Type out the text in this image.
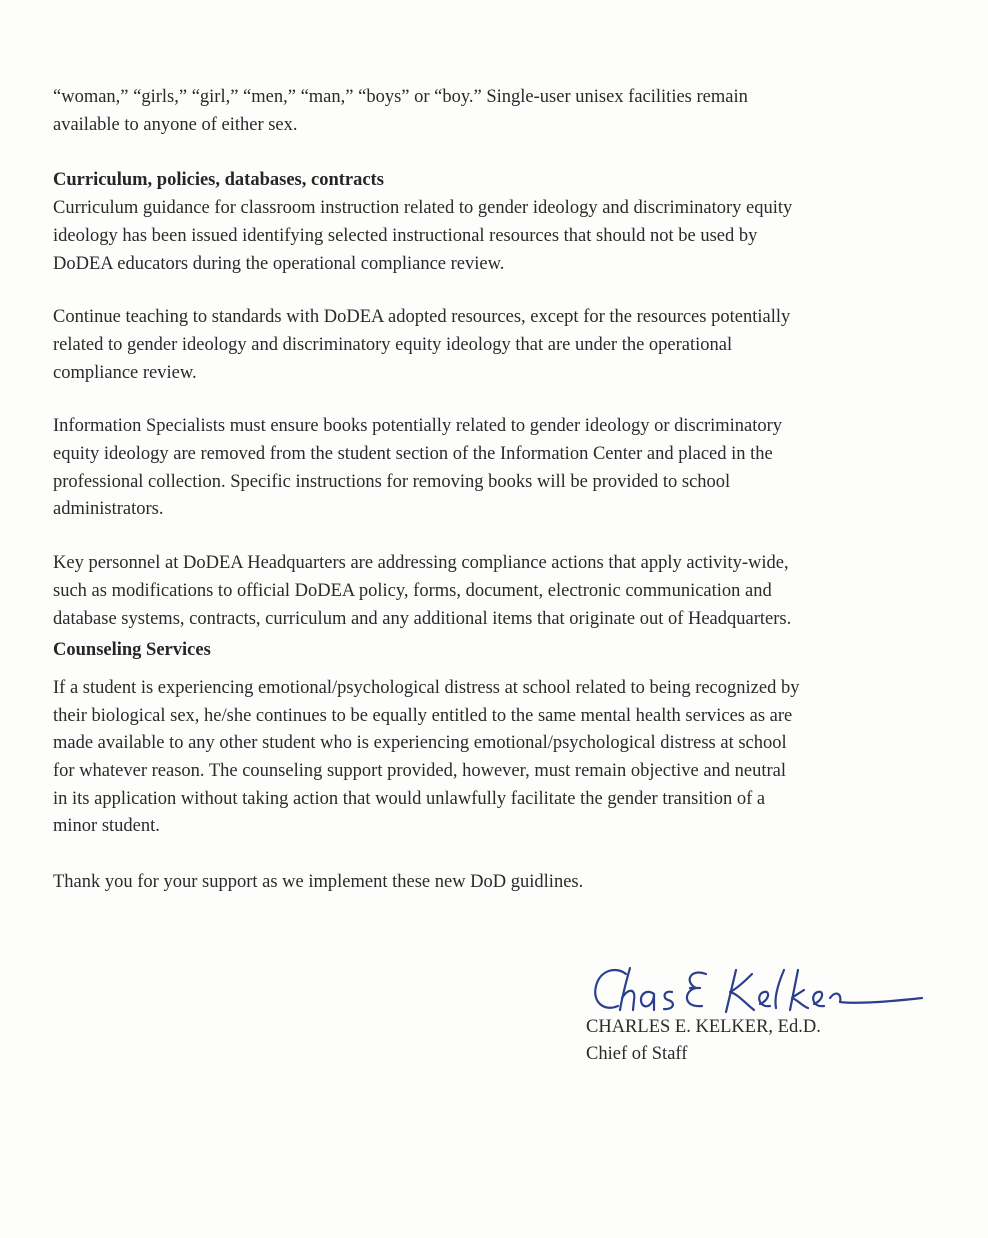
“woman,” “girls,” “girl,” “men,” “man,” “boys” or “boy.” Single-user unisex facilities remain
available to anyone of either sex.

Curriculum, policies, databases, contracts

Curriculum guidance for classroom instruction related to gender ideology and discriminatory equity
ideology has been issued identifying selected instructional resources that should not be used by
DoDEA educators during the operational compliance review.

Continue teaching to standards with DoDEA adopted resources, except for the resources potentially
related to gender ideology and discriminatory equity ideology that are under the operational
compliance review.

Information Specialists must ensure books potentially related to gender ideology or discriminatory
equity ideology are removed from the student section of the Information Center and placed in the
professional collection. Specific instructions for removing books will be provided to school
administrators.

Key personnel at DoDEA Headquarters are addressing compliance actions that apply activity-wide,
such as modifications to official DoDEA policy, forms, document, electronic communication and
database systems, contracts, curriculum and any additional items that originate out of Headquarters.

Counseling Services

If a student is experiencing emotional/psychological distress at school related to being recognized by
their biological sex, he/she continues to be equally entitled to the same mental health services as are
made available to any other student who is experiencing emotional/psychological distress at school
for whatever reason. The counseling support provided, however, must remain objective and neutral
in its application without taking action that would unlawfully facilitate the gender transition of a
minor student.

Thank you for your support as we implement these new DoD guidlines.

CHARLES E. KELKER, Ed.D.
Chief of Staff
